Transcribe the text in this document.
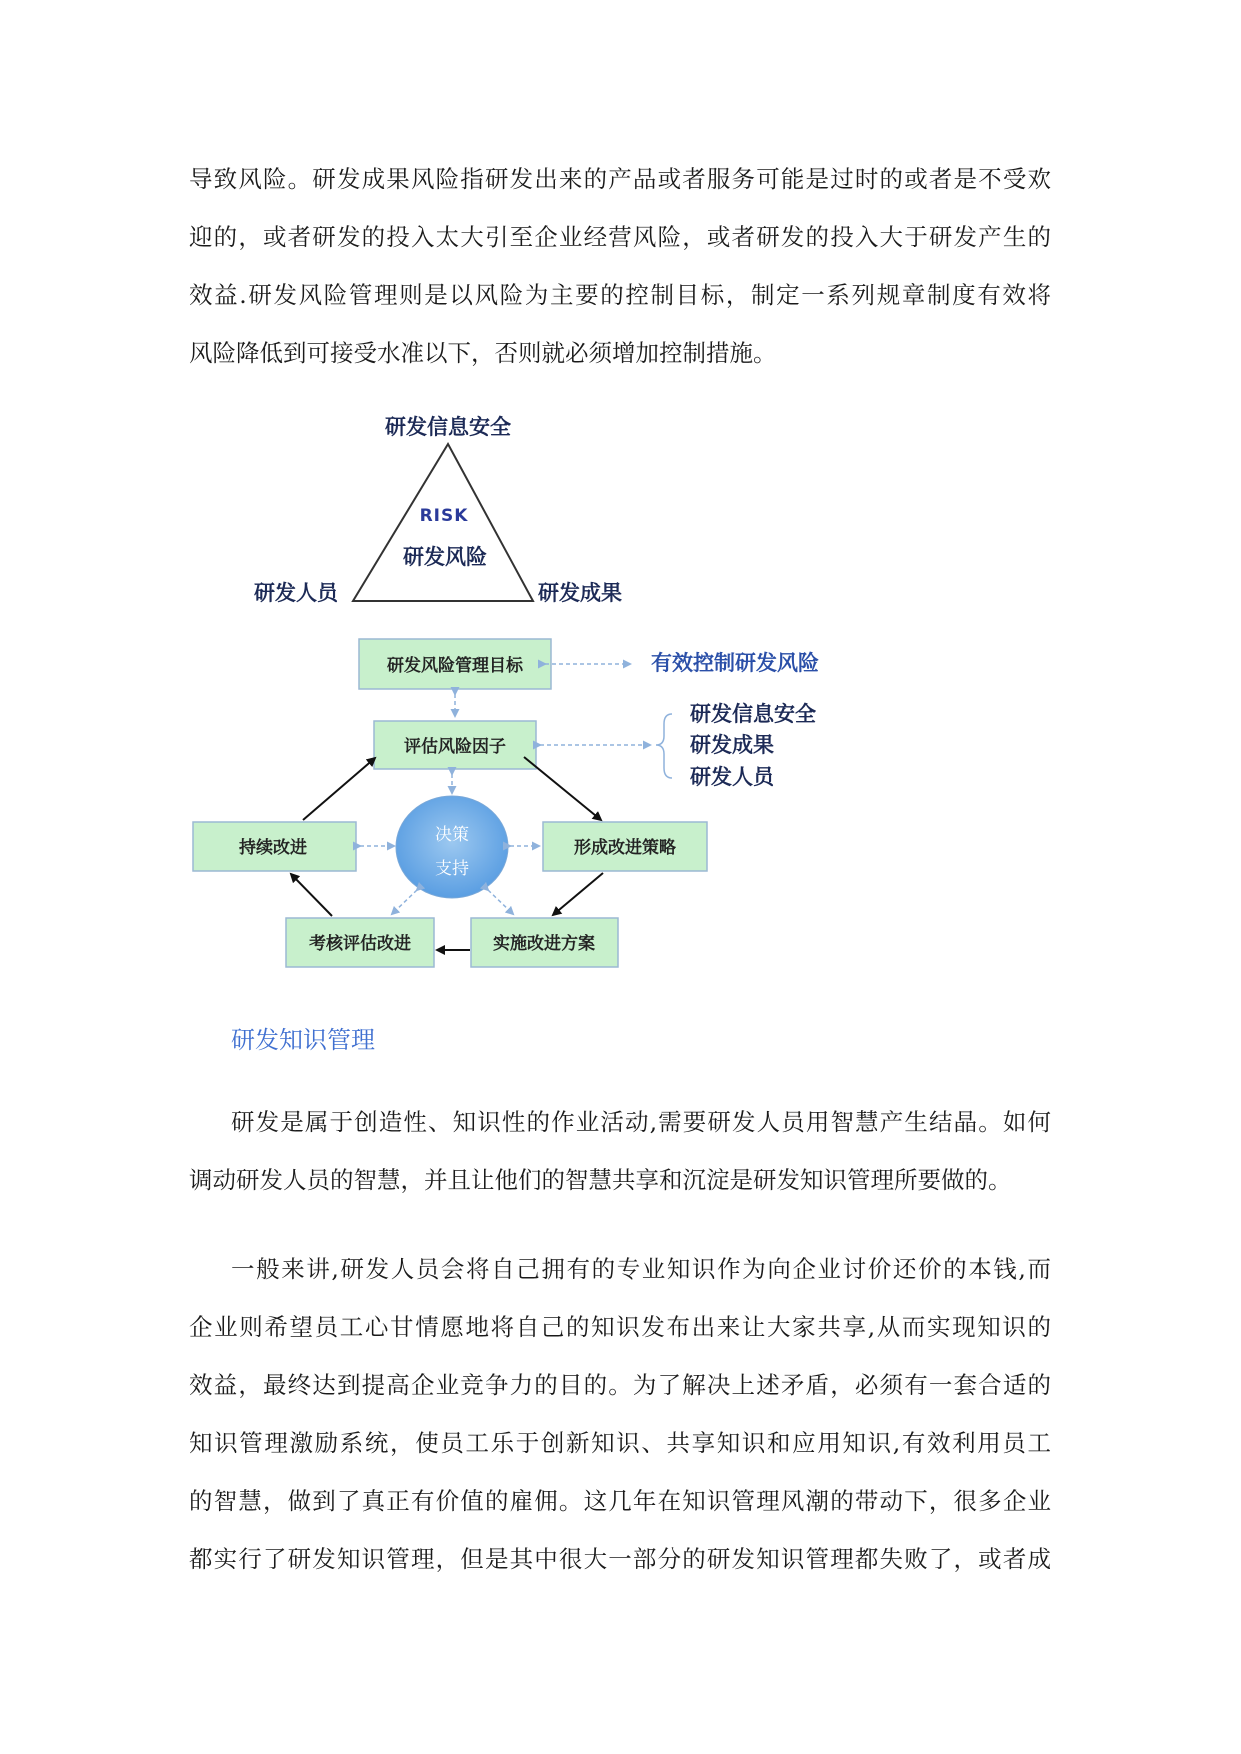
导致风险。研发成果风险指研发出来的产品或者服务可能是过时的或者是不受欢
迎的，或者研发的投入太大引至企业经营风险，或者研发的投入大于研发产生的
效益.研发风险管理则是以风险为主要的控制目标，制定一系列规章制度有效将
风险降低到可接受水准以下，否则就必须增加控制措施。
研发信息安全
研发人员	研发成果
RISK
研发风险
研发风险管理目标
评估风险因子
持续改进	形成改进策略
考核评估改进	实施改进方案
决策
支持
有效控制研发风险
研发信息安全
研发成果
研发人员
研发知识管理
研发是属于创造性、知识性的作业活动,需要研发人员用智慧产生结晶。如何
调动研发人员的智慧，并且让他们的智慧共享和沉淀是研发知识管理所要做的。
一般来讲,研发人员会将自己拥有的专业知识作为向企业讨价还价的本钱,而
企业则希望员工心甘情愿地将自己的知识发布出来让大家共享,从而实现知识的
效益，最终达到提高企业竞争力的目的。为了解决上述矛盾，必须有一套合适的
知识管理激励系统，使员工乐于创新知识、共享知识和应用知识,有效利用员工
的智慧，做到了真正有价值的雇佣。这几年在知识管理风潮的带动下，很多企业
都实行了研发知识管理，但是其中很大一部分的研发知识管理都失败了，或者成
